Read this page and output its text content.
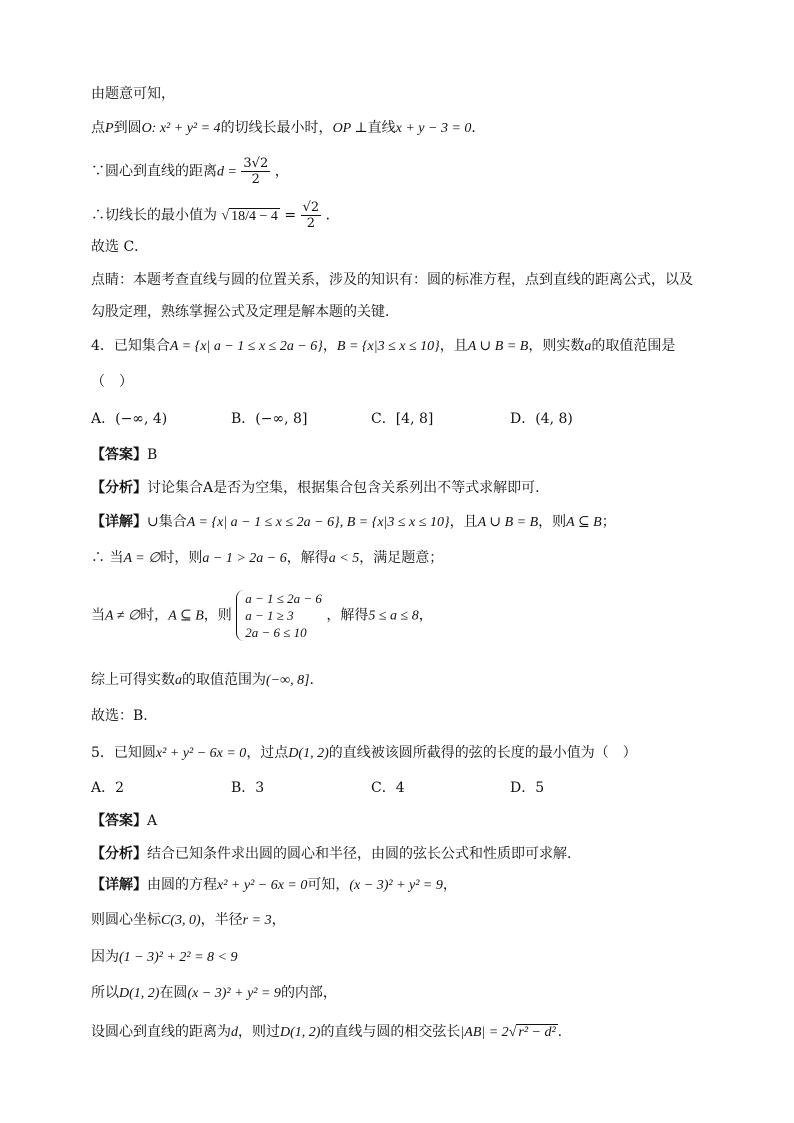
由题意可知，
点P到圆O: x² + y² = 4的切线长最小时，OP ⊥直线x + y − 3 = 0．
∵圆心到直线的距离$d = \frac{3√2}{2}$ ，
∴切线长的最小值为 √ $18/4 - 4 = \frac{√2}{2}$ ．
故选 C．
点睛：本题考查直线与圆的位置关系，涉及的知识有：圆的标准方程，点到直线的距离公式，以及
勾股定理，熟练掌握公式及定理是解本题的关键．
4．已知集合A = {x| a − 1 ≤ x ≤ 2a − 6}，B = {x|3 ≤ x ≤ 10}，且A ∪ B = B，则实数a的取值范围是
（　）
A．(−∞, 4)	B．(−∞, 8]	C．[4, 8]	D．(4, 8)
【答案】B
【分析】讨论集合A是否为空集，根据集合包含关系列出不等式求解即可.
【详解】∪集合A = {x| a − 1 ≤ x ≤ 2a − 6}, B = {x|3 ≤ x ≤ 10}，且A ∪ B = B，则A ⊆ B；
∴ 当A = ∅时，则a − 1 > 2a − 6，解得a < 5，满足题意；
当A ≠ ∅时，A ⊆ B，则
a − 1 ≤ 2a − 6
a − 1 ≥ 3
2a − 6 ≤ 10
，解得5 ≤ a ≤ 8，
综上可得实数a的取值范围为(−∞, 8].
故选：B.
5．已知圆x² + y² − 6x = 0，过点D(1, 2)的直线被该圆所截得的弦的长度的最小值为（　）
A．2	B．3	C．4	D．5
【答案】A
【分析】结合已知条件求出圆的圆心和半径，由圆的弦长公式和性质即可求解.
【详解】由圆的方程x² + y² − 6x = 0可知，(x − 3)² + y² = 9，
则圆心坐标C(3, 0)，半径r = 3，
因为(1 − 3)² + 2² = 8 < 9
所以D(1, 2)在圆(x − 3)² + y² = 9的内部，
设圆心到直线的距离为d，则过D(1, 2)的直线与圆的相交弦长|AB| = 2√ r² − d² .
